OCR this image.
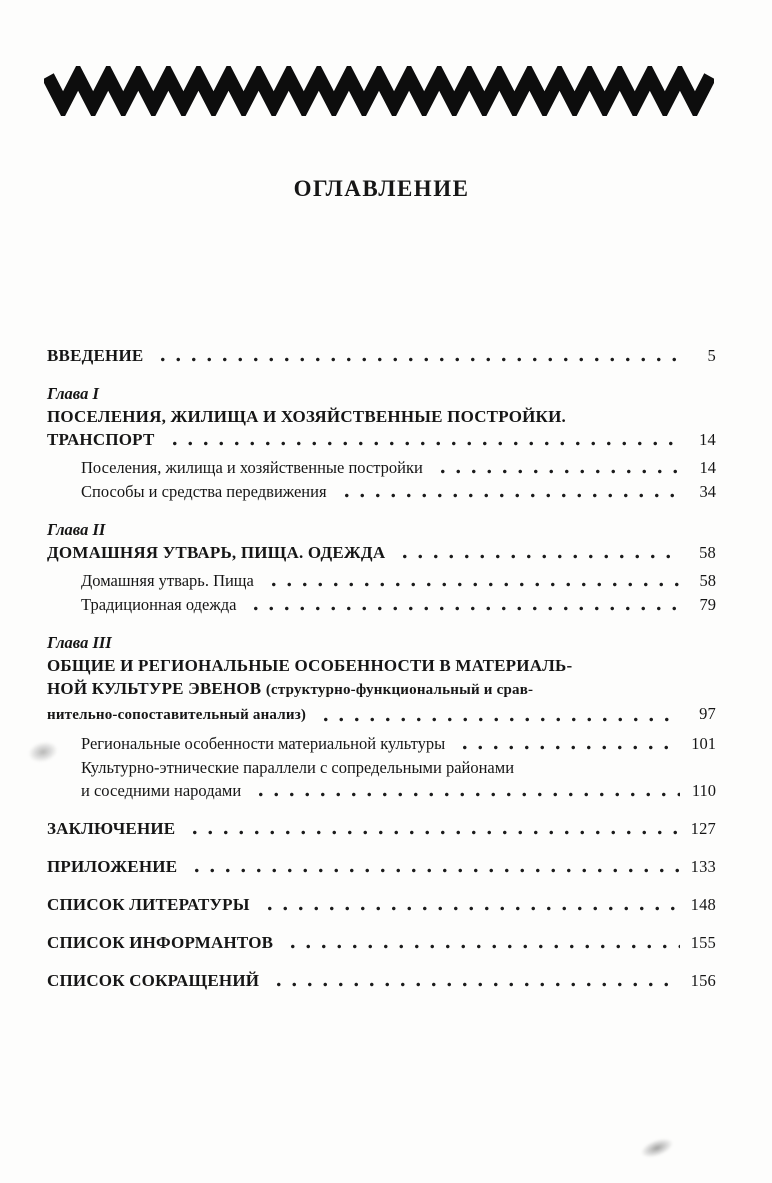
ОГЛАВЛЕНИЕ
ВВЕДЕНИЕ	5
Глава I
ПОСЕЛЕНИЯ, ЖИЛИЩА И ХОЗЯЙСТВЕННЫЕ ПОСТРОЙКИ.
ТРАНСПОРТ	14
Поселения, жилища и хозяйственные постройки	14
Способы и средства передвижения	34
Глава II
ДОМАШНЯЯ УТВАРЬ, ПИЩА. ОДЕЖДА	58
Домашняя утварь. Пища	58
Традиционная одежда	79
Глава III
ОБЩИЕ И РЕГИОНАЛЬНЫЕ ОСОБЕННОСТИ В МАТЕРИАЛЬ-
НОЙ КУЛЬТУРЕ ЭВЕНОВ (структурно-функциональный и срав-
нительно-сопоставительный анализ)	97
Региональные особенности материальной культуры	101
Культурно-этнические параллели с сопредельными районами
и соседними народами	110
ЗАКЛЮЧЕНИЕ	127
ПРИЛОЖЕНИЕ	133
СПИСОК ЛИТЕРАТУРЫ	148
СПИСОК ИНФОРМАНТОВ	155
СПИСОК СОКРАЩЕНИЙ	156
